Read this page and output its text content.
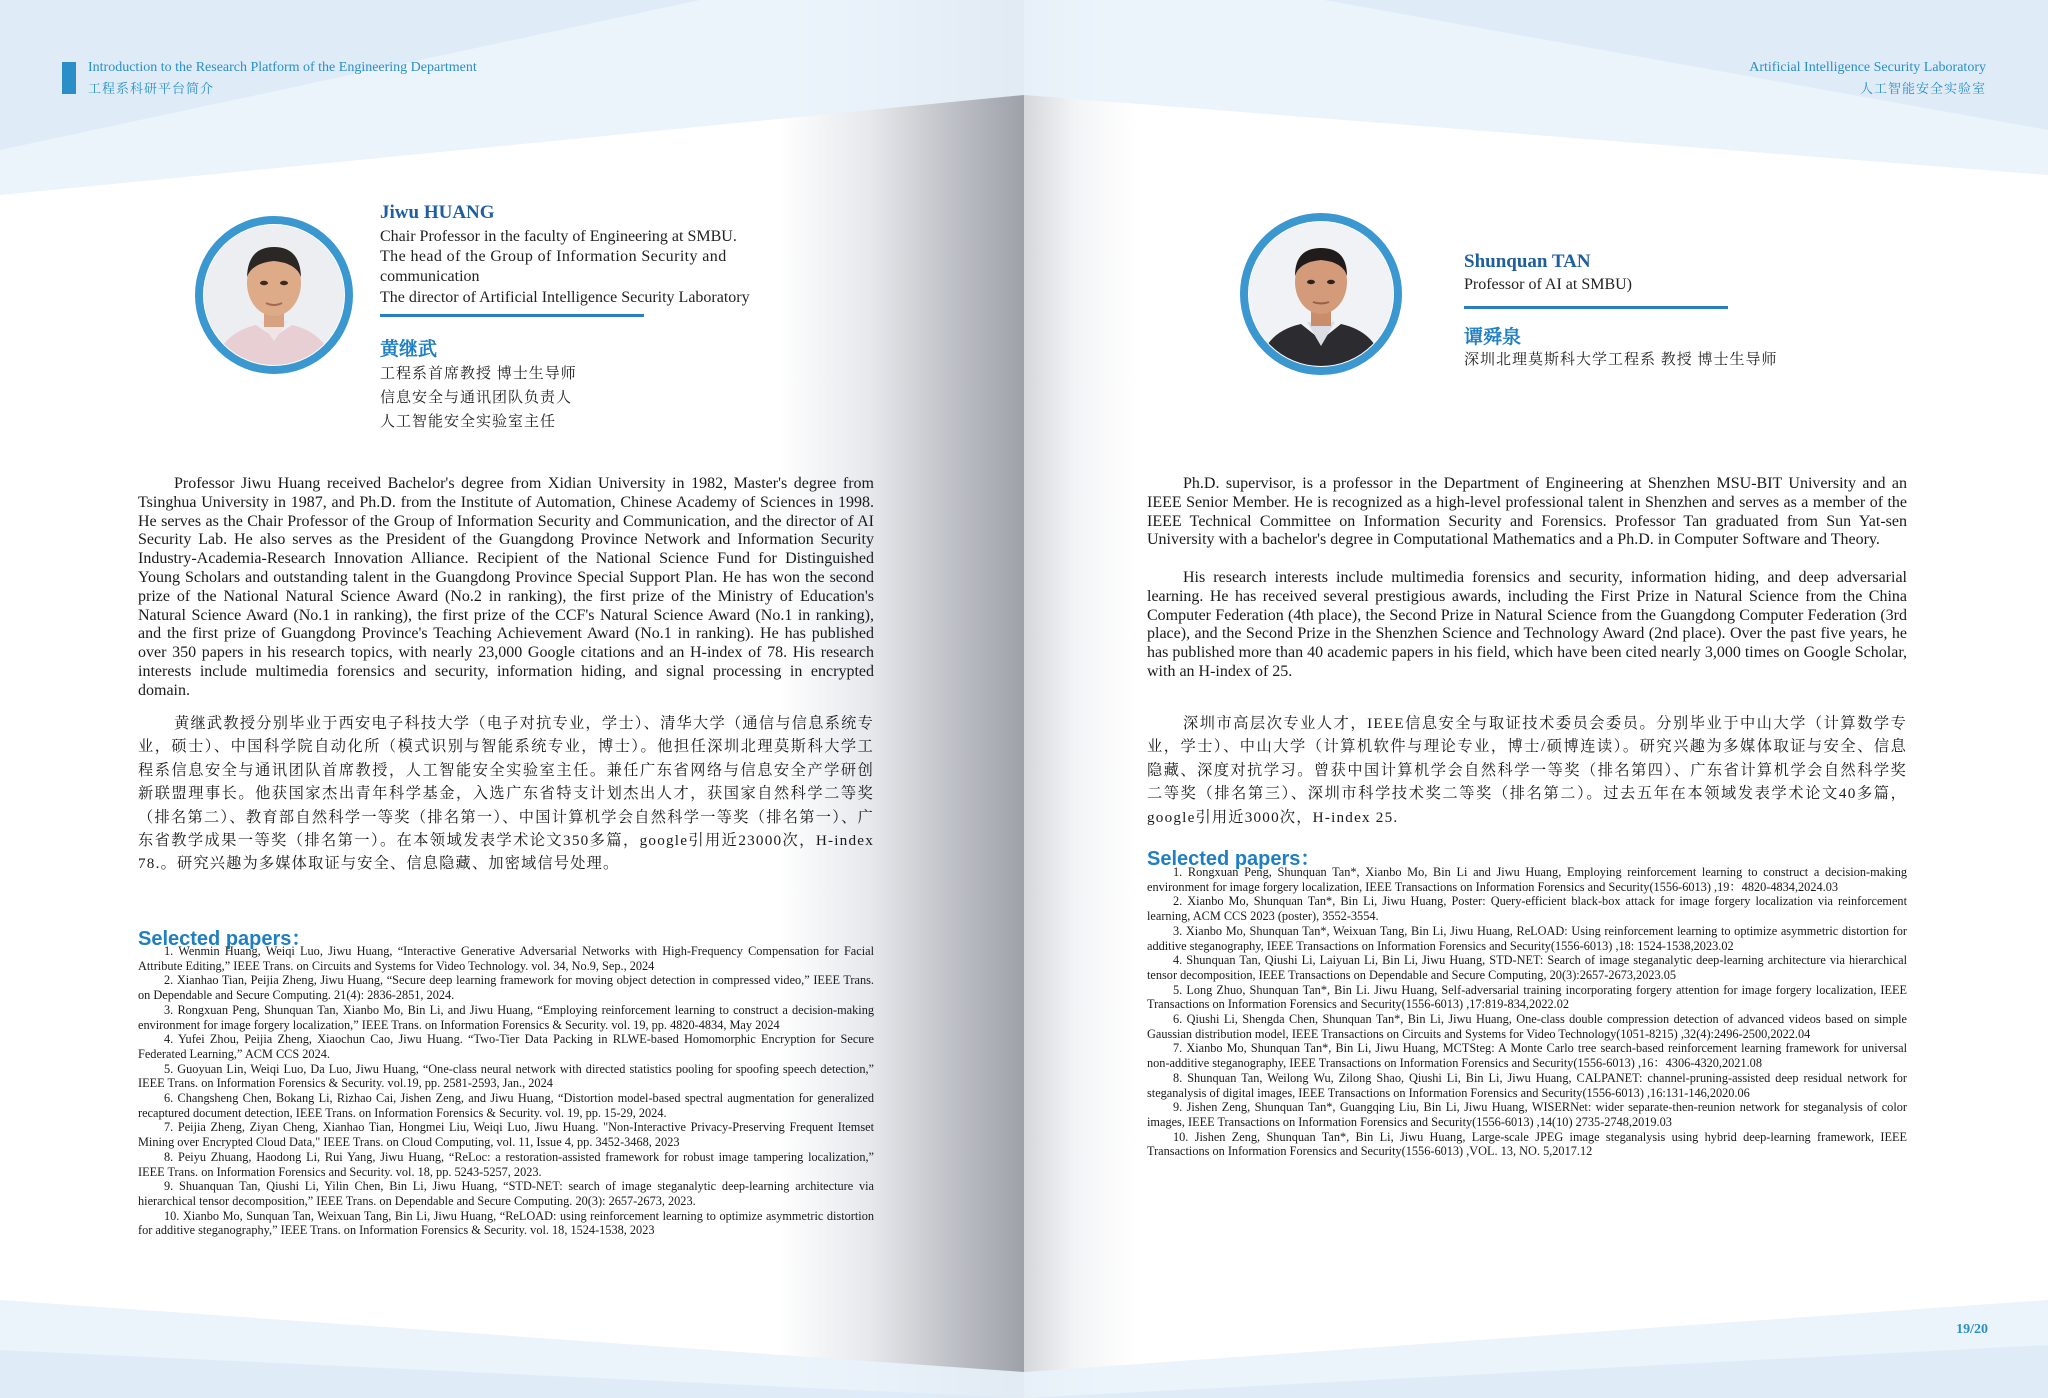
Introduction to the Research Platform of the Engineering Department
工程系科研平台简介
Jiwu HUANG
Chair Professor in the faculty of Engineering at SMBU.
The head of the Group of Information Security and
communication
The director of Artificial Intelligence Security Laboratory
黄继武
工程系首席教授 博士生导师
信息安全与通讯团队负责人
人工智能安全实验室主任

Professor Jiwu Huang received Bachelor's degree from Xidian University in 1982, Master's degree from Tsinghua University in 1987, and Ph.D. from the Institute of Automation, Chinese Academy of Sciences in 1998. He serves as the Chair Professor of the Group of Information Security and Communication, and the director of AI Security Lab. He also serves as the President of the Guangdong Province Network and Information Security Industry-Academia-Research Innovation Alliance. Recipient of the National Science Fund for Distinguished Young Scholars and outstanding talent in the Guangdong Province Special Support Plan. He has won the second prize of the National Natural Science Award (No.2 in ranking), the first prize of the Ministry of Education's Natural Science Award (No.1 in ranking), the first prize of the CCF's Natural Science Award (No.1 in ranking), and the first prize of Guangdong Province's Teaching Achievement Award (No.1 in ranking). He has published over 350 papers in his research topics, with nearly 23,000 Google citations and an H-index of 78. His research interests include multimedia forensics and security, information hiding, and signal processing in encrypted domain.

黄继武教授分别毕业于西安电子科技大学（电子对抗专业，学士）、清华大学（通信与信息系统专业，硕士）、中国科学院自动化所（模式识别与智能系统专业，博士）。他担任深圳北理莫斯科大学工程系信息安全与通讯团队首席教授，人工智能安全实验室主任。兼任广东省网络与信息安全产学研创新联盟理事长。他获国家杰出青年科学基金，入选广东省特支计划杰出人才，获国家自然科学二等奖（排名第二）、教育部自然科学一等奖（排名第一）、中国计算机学会自然科学一等奖（排名第一）、广东省教学成果一等奖（排名第一）。在本领域发表学术论文350多篇，google引用近23000次，H-index 78.。研究兴趣为多媒体取证与安全、信息隐藏、加密域信号处理。

Selected papers：
1. Wenmin Huang, Weiqi Luo, Jiwu Huang, “Interactive Generative Adversarial Networks with High-Frequency Compensation for Facial Attribute Editing,” IEEE Trans. on Circuits and Systems for Video Technology. vol. 34, No.9, Sep., 2024
2. Xianhao Tian, Peijia Zheng, Jiwu Huang, “Secure deep learning framework for moving object detection in compressed video,” IEEE Trans. on Dependable and Secure Computing. 21(4): 2836-2851, 2024.
3. Rongxuan Peng, Shunquan Tan, Xianbo Mo, Bin Li, and Jiwu Huang, “Employing reinforcement learning to construct a decision-making environment for image forgery localization,” IEEE Trans. on Information Forensics & Security. vol. 19, pp. 4820-4834, May 2024
4. Yufei Zhou, Peijia Zheng, Xiaochun Cao, Jiwu Huang. “Two-Tier Data Packing in RLWE-based Homomorphic Encryption for Secure Federated Learning,” ACM CCS 2024.
5. Guoyuan Lin, Weiqi Luo, Da Luo, Jiwu Huang, “One-class neural network with directed statistics pooling for spoofing speech detection,” IEEE Trans. on Information Forensics & Security. vol.19, pp. 2581-2593, Jan., 2024
6. Changsheng Chen, Bokang Li, Rizhao Cai, Jishen Zeng, and Jiwu Huang, “Distortion model-based spectral augmentation for generalized recaptured document detection, IEEE Trans. on Information Forensics & Security. vol. 19, pp. 15-29, 2024.
7. Peijia Zheng, Ziyan Cheng, Xianhao Tian, Hongmei Liu, Weiqi Luo, Jiwu Huang. "Non-Interactive Privacy-Preserving Frequent Itemset Mining over Encrypted Cloud Data," IEEE Trans. on Cloud Computing, vol. 11, Issue 4, pp. 3452-3468, 2023
8. Peiyu Zhuang, Haodong Li, Rui Yang, Jiwu Huang, “ReLoc: a restoration-assisted framework for robust image tampering localization,” IEEE Trans. on Information Forensics and Security. vol. 18, pp. 5243-5257, 2023.
9. Shuanquan Tan, Qiushi Li, Yilin Chen, Bin Li, Jiwu Huang, “STD-NET: search of image steganalytic deep-learning architecture via hierarchical tensor decomposition,” IEEE Trans. on Dependable and Secure Computing. 20(3): 2657-2673, 2023.
10. Xianbo Mo, Sunquan Tan, Weixuan Tang, Bin Li, Jiwu Huang, “ReLOAD: using reinforcement learning to optimize asymmetric distortion for additive steganography,” IEEE Trans. on Information Forensics & Security. vol. 18, 1524-1538, 2023
Artificial Intelligence Security Laboratory
人工智能安全实验室
Shunquan TAN
Professor of AI at SMBU)
谭舜泉
深圳北理莫斯科大学工程系 教授 博士生导师

Ph.D. supervisor, is a professor in the Department of Engineering at Shenzhen MSU-BIT University and an IEEE Senior Member. He is recognized as a high-level professional talent in Shenzhen and serves as a member of the IEEE Technical Committee on Information Security and Forensics. Professor Tan graduated from Sun Yat-sen University with a bachelor's degree in Computational Mathematics and a Ph.D. in Computer Software and Theory.

His research interests include multimedia forensics and security, information hiding, and deep adversarial learning. He has received several prestigious awards, including the First Prize in Natural Science from the China Computer Federation (4th place), the Second Prize in Natural Science from the Guangdong Computer Federation (3rd place), and the Second Prize in the Shenzhen Science and Technology Award (2nd place). Over the past five years, he has published more than 40 academic papers in his field, which have been cited nearly 3,000 times on Google Scholar, with an H-index of 25.

深圳市高层次专业人才，IEEE信息安全与取证技术委员会委员。分别毕业于中山大学（计算数学专业，学士）、中山大学（计算机软件与理论专业，博士/硕博连读）。研究兴趣为多媒体取证与安全、信息隐藏、深度对抗学习。曾获中国计算机学会自然科学一等奖（排名第四）、广东省计算机学会自然科学奖二等奖（排名第三）、深圳市科学技术奖二等奖（排名第二）。过去五年在本领域发表学术论文40多篇，google引用近3000次，H-index 25.

Selected papers：
1. Rongxuan Peng, Shunquan Tan*, Xianbo Mo, Bin Li and Jiwu Huang, Employing reinforcement learning to construct a decision-making environment for image forgery localization, IEEE Transactions on Information Forensics and Security(1556-6013) ,19：4820-4834,2024.03
2. Xianbo Mo, Shunquan Tan*, Bin Li, Jiwu Huang, Poster: Query-efficient black-box attack for image forgery localization via reinforcement learning, ACM CCS 2023 (poster), 3552-3554.
3. Xianbo Mo, Shunquan Tan*, Weixuan Tang, Bin Li, Jiwu Huang, ReLOAD: Using reinforcement learning to optimize asymmetric distortion for additive steganography, IEEE Transactions on Information Forensics and Security(1556-6013) ,18: 1524-1538,2023.02
4. Shunquan Tan, Qiushi Li, Laiyuan Li, Bin Li, Jiwu Huang, STD-NET: Search of image steganalytic deep-learning architecture via hierarchical tensor decomposition, IEEE Transactions on Dependable and Secure Computing, 20(3):2657-2673,2023.05
5. Long Zhuo, Shunquan Tan*, Bin Li. Jiwu Huang, Self-adversarial training incorporating forgery attention for image forgery localization, IEEE Transactions on Information Forensics and Security(1556-6013) ,17:819-834,2022.02
6. Qiushi Li, Shengda Chen, Shunquan Tan*, Bin Li, Jiwu Huang, One-class double compression detection of advanced videos based on simple Gaussian distribution model, IEEE Transactions on Circuits and Systems for Video Technology(1051-8215) ,32(4):2496-2500,2022.04
7. Xianbo Mo, Shunquan Tan*, Bin Li, Jiwu Huang, MCTSteg: A Monte Carlo tree search-based reinforcement learning framework for universal non-additive steganography, IEEE Transactions on Information Forensics and Security(1556-6013) ,16：4306-4320,2021.08
8. Shunquan Tan, Weilong Wu, Zilong Shao, Qiushi Li, Bin Li, Jiwu Huang, CALPANET: channel-pruning-assisted deep residual network for steganalysis of digital images, IEEE Transactions on Information Forensics and Security(1556-6013) ,16:131-146,2020.06
9. Jishen Zeng, Shunquan Tan*, Guangqing Liu, Bin Li, Jiwu Huang, WISERNet: wider separate-then-reunion network for steganalysis of color images, IEEE Transactions on Information Forensics and Security(1556-6013) ,14(10) 2735-2748,2019.03
10. Jishen Zeng, Shunquan Tan*, Bin Li, Jiwu Huang, Large-scale JPEG image steganalysis using hybrid deep-learning framework, IEEE Transactions on Information Forensics and Security(1556-6013) ,VOL. 13, NO. 5,2017.12
19/20
